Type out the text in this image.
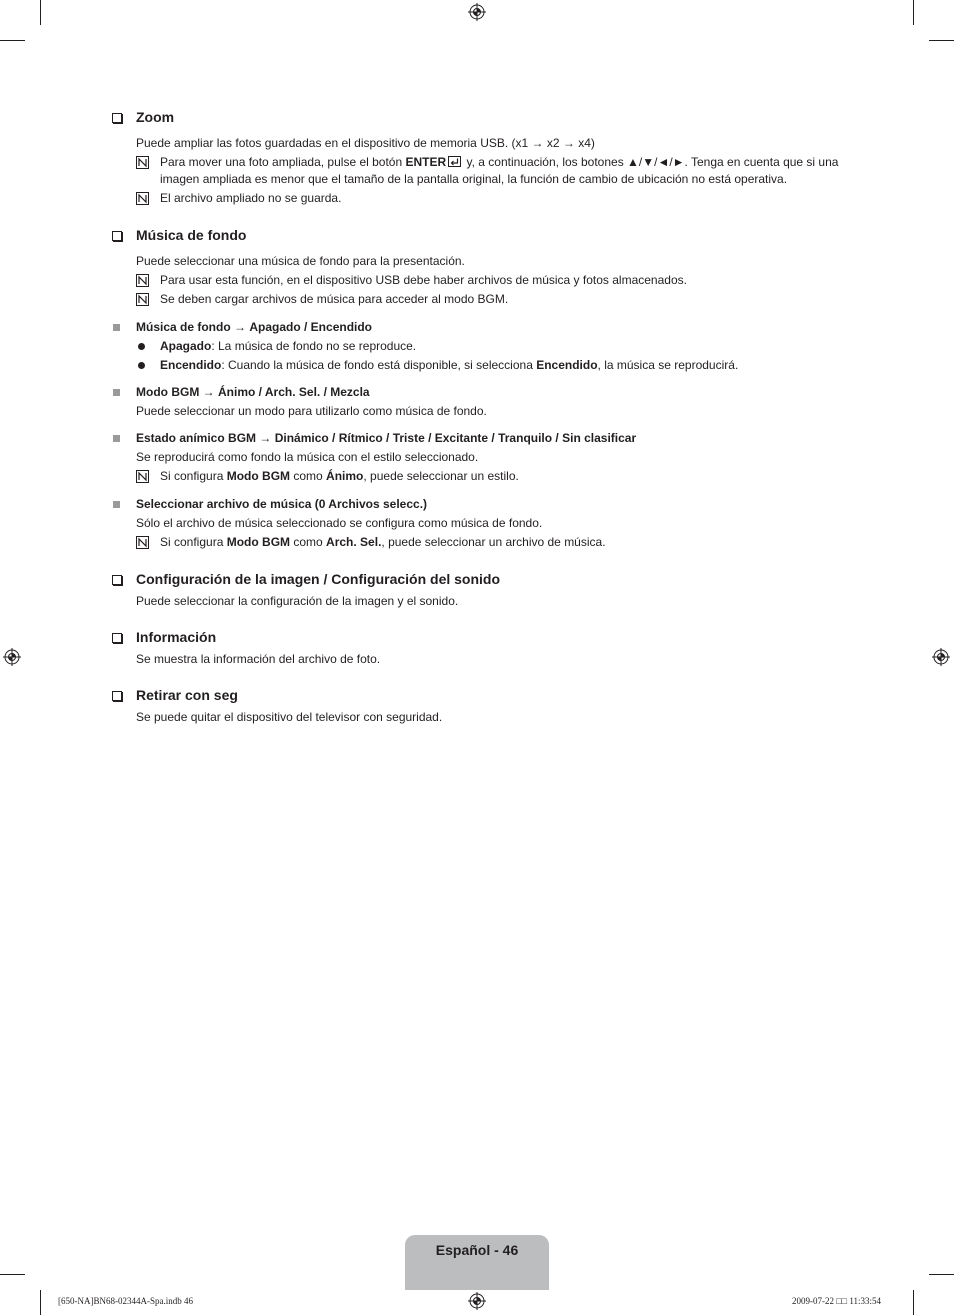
Zoom
Puede ampliar las fotos guardadas en el dispositivo de memoria USB. (x1 → x2 → x4)
Para mover una foto ampliada, pulse el botón ENTER y, a continuación, los botones ▲/▼/◄/►. Tenga en cuenta que si una imagen ampliada es menor que el tamaño de la pantalla original, la función de cambio de ubicación no está operativa.
El archivo ampliado no se guarda.
Música de fondo
Puede seleccionar una música de fondo para la presentación.
Para usar esta función, en el dispositivo USB debe haber archivos de música y fotos almacenados.
Se deben cargar archivos de música para acceder al modo BGM.
Música de fondo → Apagado / Encendido
Apagado: La música de fondo no se reproduce.
Encendido: Cuando la música de fondo está disponible, si selecciona Encendido, la música se reproducirá.
Modo BGM → Ánimo / Arch. Sel. / Mezcla
Puede seleccionar un modo para utilizarlo como música de fondo.
Estado anímico BGM → Dinámico / Rítmico / Triste / Excitante / Tranquilo / Sin clasificar
Se reproducirá como fondo la música con el estilo seleccionado.
Si configura Modo BGM como Ánimo, puede seleccionar un estilo.
Seleccionar archivo de música (0 Archivos selecc.)
Sólo el archivo de música seleccionado se configura como música de fondo.
Si configura Modo BGM como Arch. Sel., puede seleccionar un archivo de música.
Configuración de la imagen / Configuración del sonido
Puede seleccionar la configuración de la imagen y el sonido.
Información
Se muestra la información del archivo de foto.
Retirar con seg
Se puede quitar el dispositivo del televisor con seguridad.
Español - 46
[650-NA]BN68-02344A-Spa.indb 46	2009-07-22 □□ 11:33:54
